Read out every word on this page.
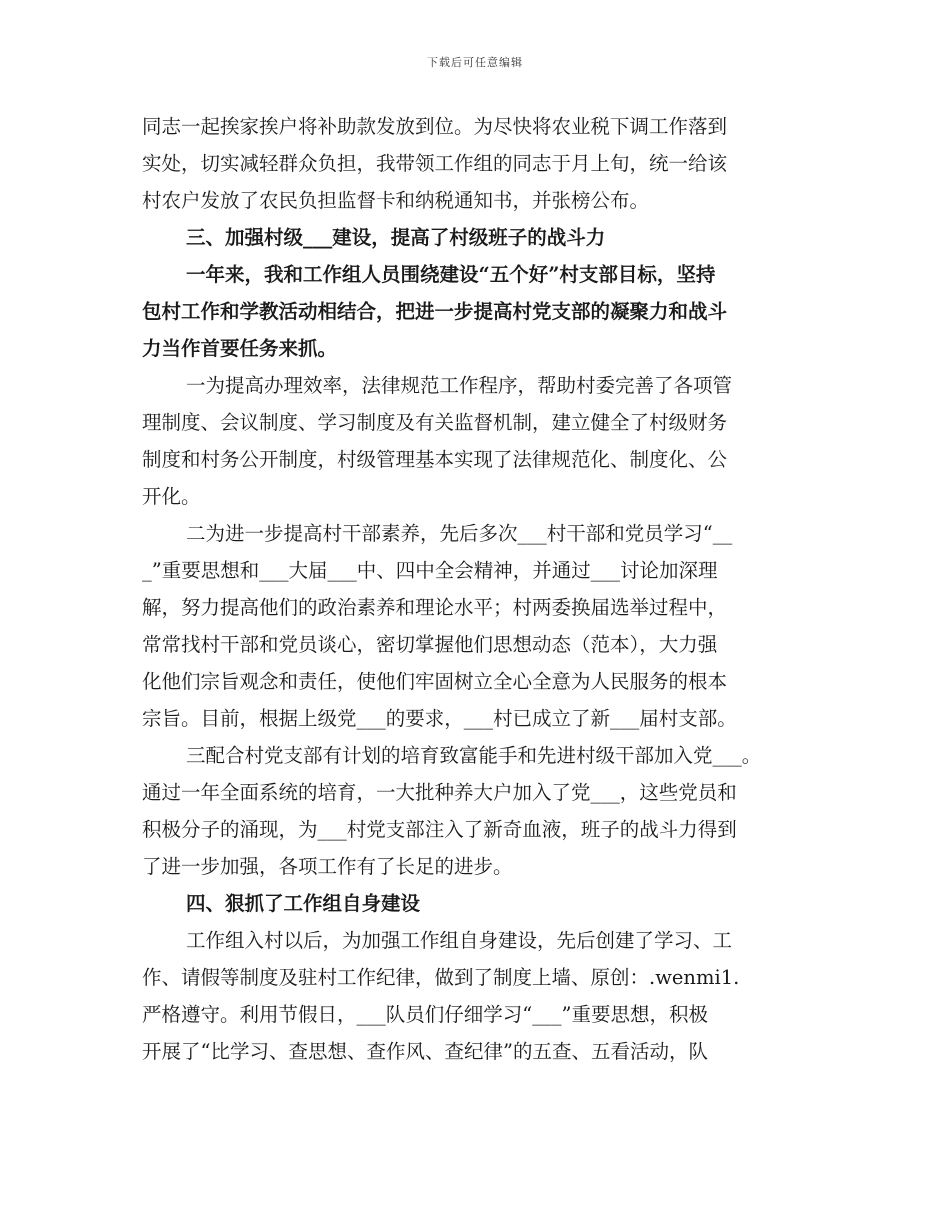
下载后可任意编辑
同志一起挨家挨户将补助款发放到位。为尽快将农业税下调工作落到
实处，切实减轻群众负担，我带领工作组的同志于月上旬，统一给该
村农户发放了农民负担监督卡和纳税通知书，并张榜公布。
三、加强村级___建设，提高了村级班子的战斗力
一年来，我和工作组人员围绕建设“五个好”村支部目标，坚持
包村工作和学教活动相结合，把进一步提高村党支部的凝聚力和战斗
力当作首要任务来抓。
一为提高办理效率，法律规范工作程序，帮助村委完善了各项管
理制度、会议制度、学习制度及有关监督机制，建立健全了村级财务
制度和村务公开制度，村级管理基本实现了法律规范化、制度化、公
开化。
二为进一步提高村干部素养，先后多次___村干部和党员学习“__
_”重要思想和___大届___中、四中全会精神，并通过___讨论加深理
解，努力提高他们的政治素养和理论水平；村两委换届选举过程中，
常常找村干部和党员谈心，密切掌握他们思想动态（范本），大力强
化他们宗旨观念和责任，使他们牢固树立全心全意为人民服务的根本
宗旨。目前，根据上级党___的要求，___村已成立了新___届村支部。
三配合村党支部有计划的培育致富能手和先进村级干部加入党___。
通过一年全面系统的培育，一大批种养大户加入了党___，这些党员和
积极分子的涌现，为___村党支部注入了新奇血液，班子的战斗力得到
了进一步加强，各项工作有了长足的进步。
四、狠抓了工作组自身建设
工作组入村以后，为加强工作组自身建设，先后创建了学习、工
作、请假等制度及驻村工作纪律，做到了制度上墙、原创：.wenmi1.
严格遵守。利用节假日，___队员们仔细学习“___”重要思想，积极
开展了“比学习、查思想、查作风、查纪律”的五查、五看活动，队
